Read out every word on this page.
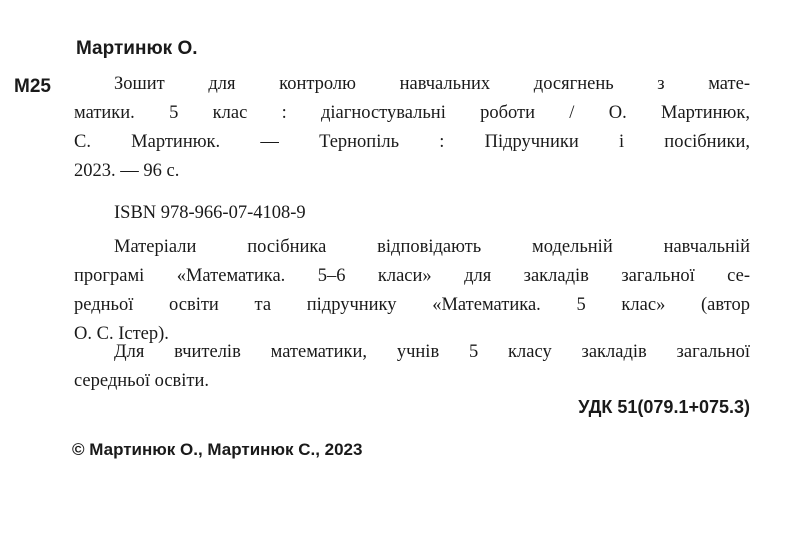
Мартинюк О.
М25	Зошит для контролю навчальних досягнень з мате-
матики. 5 клас : діагностувальні роботи / О. Мартинюк,
С. Мартинюк. — Тернопіль : Підручники і посібники,
2023. — 96 с.
ISBN 978-966-07-4108-9
Матеріали посібника відповідають модельній навчальній
програмі «Математика. 5–6 класи» для закладів загальної се-
редньої освіти та підручнику «Математика. 5 клас» (автор
О. С. Істер).
Для вчителів математики, учнів 5 класу закладів загальної
середньої освіти.
УДК 51(079.1+075.3)
© Мартинюк О., Мартинюк С., 2023
